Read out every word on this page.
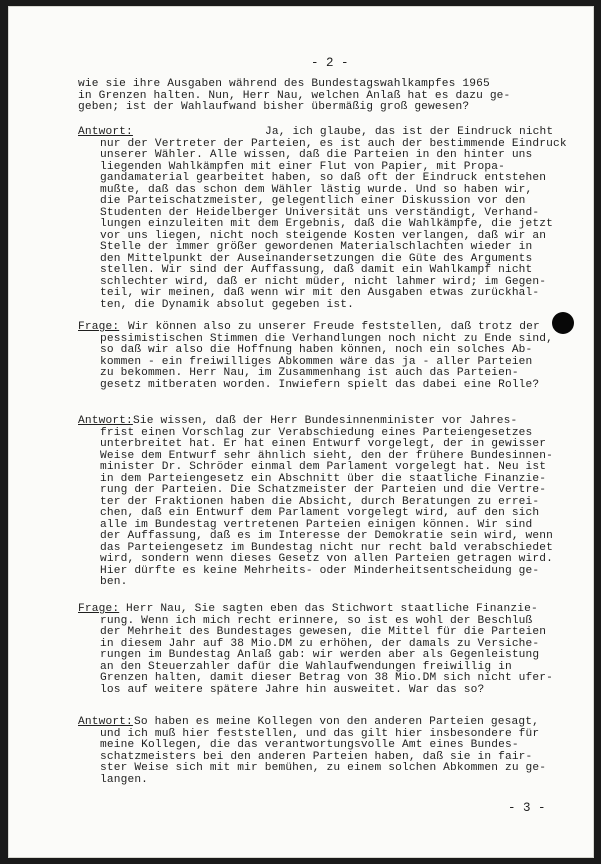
- 2 -

wie sie ihre Ausgaben während des Bundestagswahlkampfes 1965

in Grenzen halten. Nun, Herr Nau, welchen Anlaß hat es dazu ge-

geben; ist der Wahlaufwand bisher übermäßig groß gewesen?

Antwort:	Ja, ich glaube, das ist der Eindruck nicht

nur der Vertreter der Parteien, es ist auch der bestimmende Eindruck

unserer Wähler. Alle wissen, daß die Parteien in den hinter uns

liegenden Wahlkämpfen mit einer Flut von Papier, mit Propa-

gandamaterial gearbeitet haben, so daß oft der Eindruck entstehen

mußte, daß das schon dem Wähler lästig wurde. Und so haben wir,

die Parteischatzmeister, gelegentlich einer Diskussion vor den

Studenten der Heidelberger Universität uns verständigt, Verhand-

lungen einzuleiten mit dem Ergebnis, daß die Wahlkämpfe, die jetzt

vor uns liegen, nicht noch steigende Kosten verlangen, daß wir an

Stelle der immer größer gewordenen Materialschlachten wieder in

den Mittelpunkt der Auseinandersetzungen die Güte des Arguments

stellen. Wir sind der Auffassung, daß damit ein Wahlkampf nicht

schlechter wird, daß er nicht müder, nicht lahmer wird; im Gegen-

teil, wir meinen, daß wenn wir mit den Ausgaben etwas zurückhal-

ten, die Dynamik absolut gegeben ist.

Frage: Wir können also zu unserer Freude feststellen, daß trotz der

pessimistischen Stimmen die Verhandlungen noch nicht zu Ende sind,

so daß wir also die Hoffnung haben können, noch ein solches Ab-

kommen - ein freiwilliges Abkommen wäre das ja - aller Parteien

zu bekommen. Herr Nau, im Zusammenhang ist auch das Parteien-

gesetz mitberaten worden. Inwiefern spielt das dabei eine Rolle?

Antwort: Sie wissen, daß der Herr Bundesinnenminister vor Jahres-

frist einen Vorschlag zur Verabschiedung eines Parteiengesetzes

unterbreitet hat. Er hat einen Entwurf vorgelegt, der in gewisser

Weise dem Entwurf sehr ähnlich sieht, den der frühere Bundesinnen-

minister Dr. Schröder einmal dem Parlament vorgelegt hat. Neu ist

in dem Parteiengesetz ein Abschnitt über die staatliche Finanzie-

rung der Parteien. Die Schatzmeister der Parteien und die Vertre-

ter der Fraktionen haben die Absicht, durch Beratungen zu errei-

chen, daß ein Entwurf dem Parlament vorgelegt wird, auf den sich

alle im Bundestag vertretenen Parteien einigen können. Wir sind

der Auffassung, daß es im Interesse der Demokratie sein wird, wenn

das Parteiengesetz im Bundestag nicht nur recht bald verabschiedet

wird, sondern wenn dieses Gesetz von allen Parteien getragen wird.

Hier dürfte es keine Mehrheits- oder Minderheitsentscheidung ge-

ben.

Frage: Herr Nau, Sie sagten eben das Stichwort staatliche Finanzie-

rung. Wenn ich mich recht erinnere, so ist es wohl der Beschluß

der Mehrheit des Bundestages gewesen, die Mittel für die Parteien

in diesem Jahr auf 38 Mio.DM zu erhöhen, der damals zu Versiche-

rungen im Bundestag Anlaß gab: wir werden aber als Gegenleistung

an den Steuerzahler dafür die Wahlaufwendungen freiwillig in

Grenzen halten, damit dieser Betrag von 38 Mio.DM sich nicht ufer-

los auf weitere spätere Jahre hin ausweitet. War das so?

Antwort: So haben es meine Kollegen von den anderen Parteien gesagt,

und ich muß hier feststellen, und das gilt hier insbesondere für

meine Kollegen, die das verantwortungsvolle Amt eines Bundes-

schatzmeisters bei den anderen Parteien haben, daß sie in fair-

ster Weise sich mit mir bemühen, zu einem solchen Abkommen zu ge-

langen.

- 3 -
